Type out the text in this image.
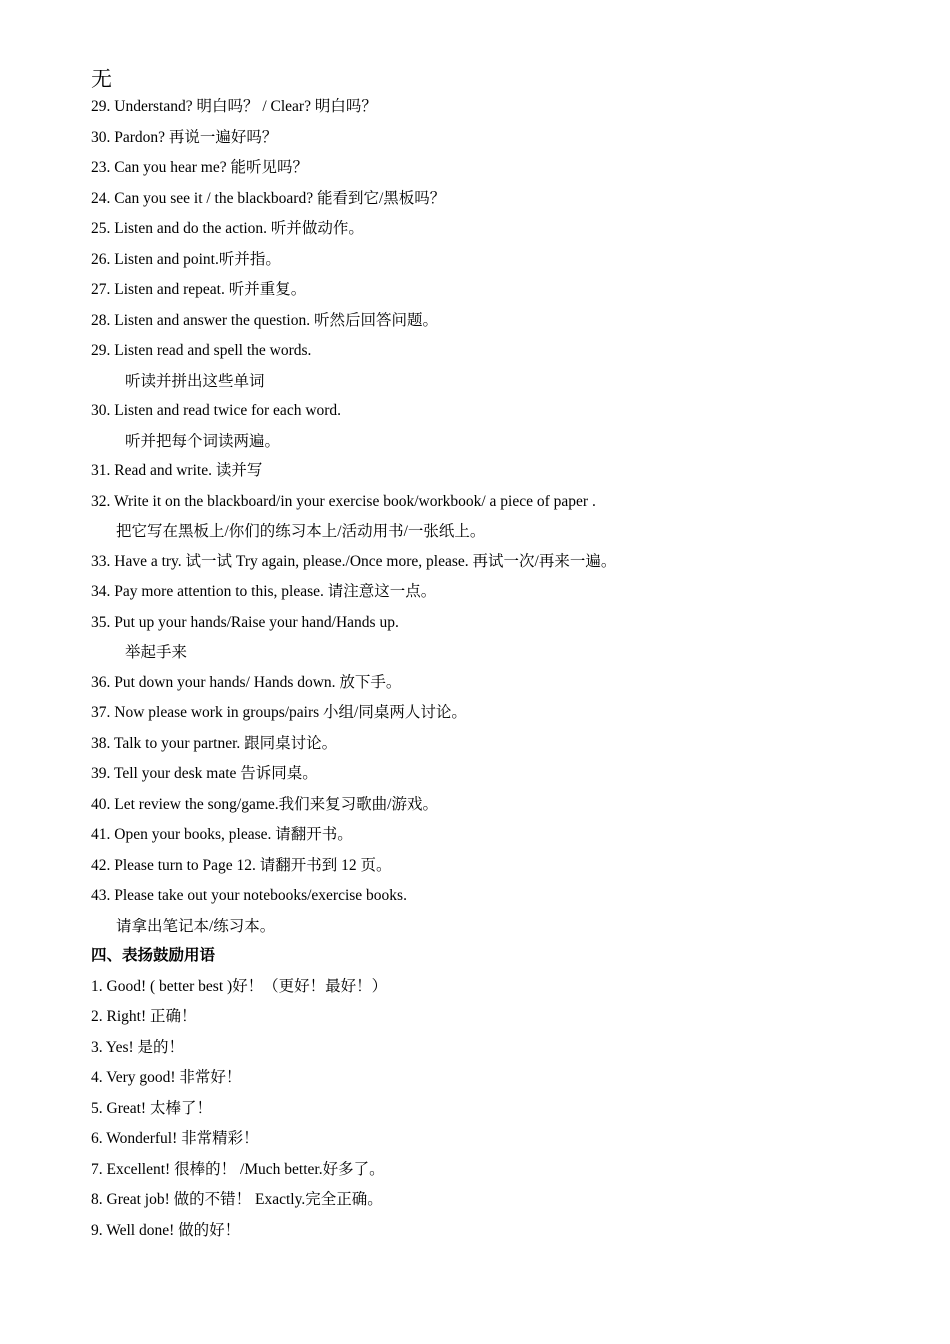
无
29. Understand? 明白吗？ / Clear? 明白吗？
30. Pardon? 再说一遍好吗？
23. Can you hear me? 能听见吗？
24. Can you see it / the blackboard? 能看到它/黑板吗？
25. Listen and do the action. 听并做动作。
26. Listen and point.听并指。
27. Listen and repeat. 听并重复。
28. Listen and answer the question. 听然后回答问题。
29. Listen read and spell the words.
听读并拼出这些单词
30. Listen and read twice for each word.
听并把每个词读两遍。
31. Read and write. 读并写
32. Write it on the blackboard/in your exercise book/workbook/ a piece of paper .
把它写在黑板上/你们的练习本上/活动用书/一张纸上。
33. Have a try. 试一试 Try again, please./Once more, please. 再试一次/再来一遍。
34. Pay more attention to this, please. 请注意这一点。
35. Put up your hands/Raise your hand/Hands up.
举起手来
36. Put down your hands/ Hands down. 放下手。
37. Now please work in groups/pairs 小组/同桌两人讨论。
38. Talk to your partner. 跟同桌讨论。
39. Tell your desk mate 告诉同桌。
40. Let review the song/game.我们来复习歌曲/游戏。
41. Open your books, please. 请翻开书。
42. Please turn to Page 12. 请翻开书到 12 页。
43. Please take out your notebooks/exercise books.
请拿出笔记本/练习本。
四、表扬鼓励用语
1. Good! ( better best )好！（更好！最好！）
2. Right! 正确！
3. Yes! 是的！
4. Very good! 非常好！
5. Great! 太棒了！
6. Wonderful! 非常精彩！
7. Excellent! 很棒的！ /Much better.好多了。
8. Great job! 做的不错！ Exactly.完全正确。
9. Well done! 做的好！
